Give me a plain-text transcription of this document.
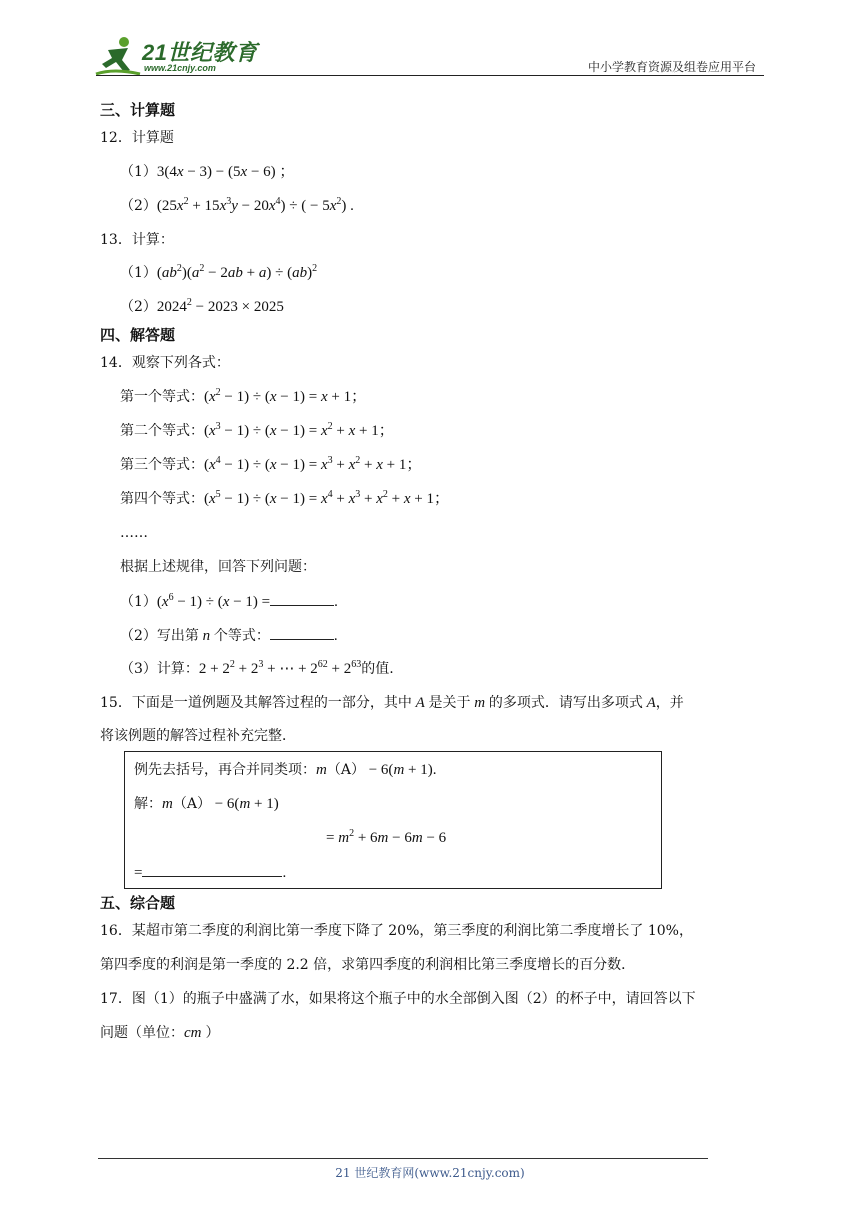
21世纪教育
www.21cnjy.com	中小学教育资源及组卷应用平台
三、计算题
12．计算题
（1）3(4x − 3) − (5x − 6) ；
$(2)(25x^2 + 15x^3y - 20x^4)$ ÷ ( − $5x^2$) .
13．计算：
$(1)(ab^2)(a^2 - 2ab + a) \div (ab)^2$
$(2)2024^2 - 2023 \times 2025$
四、解答题
14．观察下列各式：
第一个等式：$(x^2 - 1) \div (x - 1) = x + 1$；
第二个等式：$(x^3 - 1) \div (x - 1) = x^2 + x + 1$；
第三个等式：$(x^4 - 1) \div (x - 1) = x^3 + x^2 + x + 1$；
第四个等式：$(x^5 - 1) \div (x - 1) = x^4 + x^3 + x^2 + x + 1$；
……
根据上述规律，回答下列问题：
$(1)(x^6 - 1) \div (x - 1)$ =	.
（2）写出第 n 个等式：	.
（3）计算：$2 + 2^2 + 2^3$ + ⋯ + $2^{62} + 2^{63}$的值.
15．下面是一道例题及其解答过程的一部分，其中 A 是关于 m 的多项式．请写出多项式 A，并
将该例题的解答过程补充完整．
例先去括号，再合并同类项：m（A） − 6(m + 1).
解：m（A） − 6(m + 1)
= $m^2 + 6m - 6m - 6$
=	.
五、综合题
16．某超市第二季度的利润比第一季度下降了 20%，第三季度的利润比第二季度增长了 10%，
第四季度的利润是第一季度的 2.2 倍，求第四季度的利润相比第三季度增长的百分数．
17．图（1）的瓶子中盛满了水，如果将这个瓶子中的水全部倒入图（2）的杯子中，请回答以下
问题（单位：cm ）
21 世纪教育网(www.21cnjy.com)
